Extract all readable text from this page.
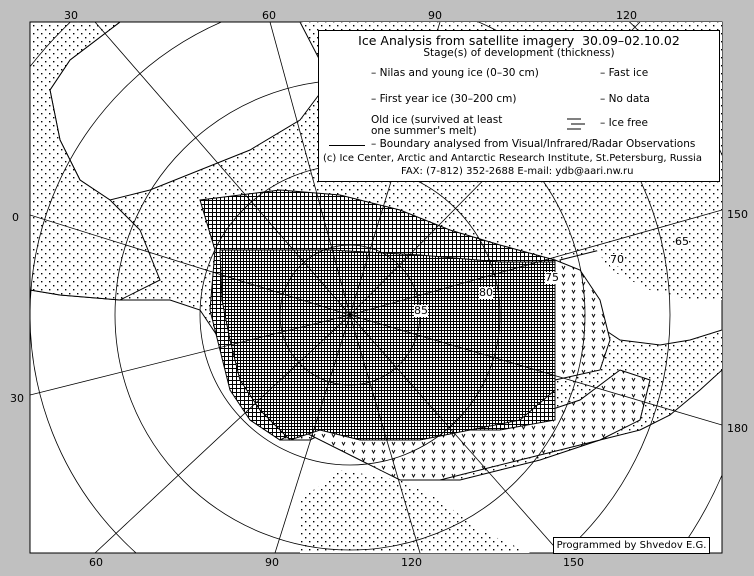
Ice Analysis from satellite imagery 30.09–02.10.02
Stage(s) of development (thickness)
– Nilas and young ice (0–30 cm)	– Fast ice
– First year ice (30–200 cm)	– No data
Old ice (survived at least
one summer's melt)
– Ice free
– Boundary analysed from Visual/Infrared/Radar Observations
(c) Ice Center, Arctic and Antarctic Research Institute, St.Petersburg, Russia
FAX: (7-812) 352-2688 E-mail: ydb@aari.nw.ru
30	60	90	120
60	90	120	150
0
30
150
180
65
70
75
80
85
Programmed by Shvedov E.G.
